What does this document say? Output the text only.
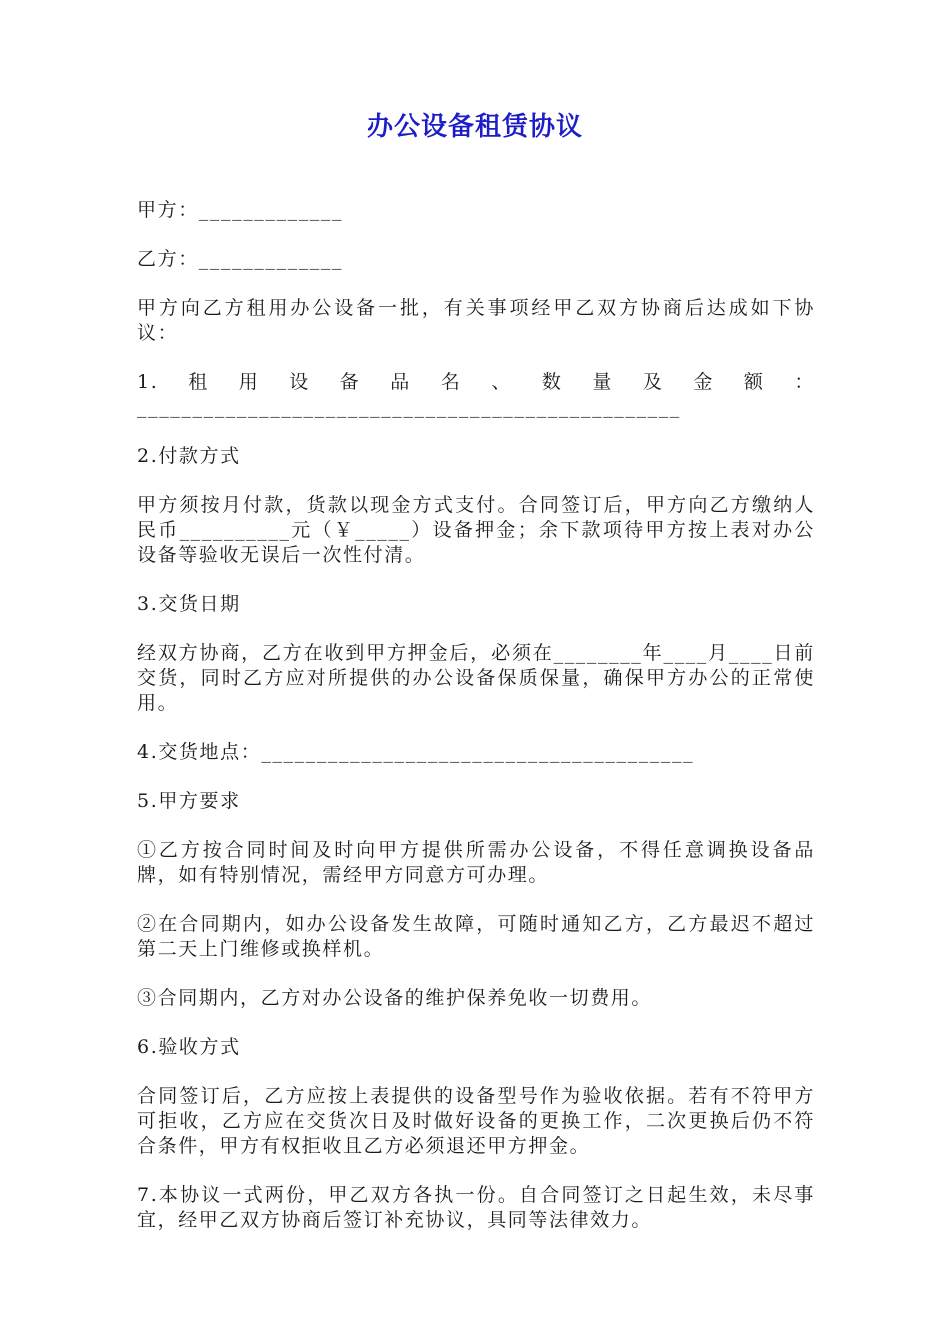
办公设备租赁协议

甲方：_____________

乙方：_____________

甲方向乙方租用办公设备一批，有关事项经甲乙双方协商后达成如下协议：

1.租用设备品名、数量及金额：_________________________________________________

2.付款方式

甲方须按月付款，货款以现金方式支付。合同签订后，甲方向乙方缴纳人民币__________元（￥_____）设备押金；余下款项待甲方按上表对办公设备等验收无误后一次性付清。

3.交货日期

经双方协商，乙方在收到甲方押金后，必须在________年____月____日前交货，同时乙方应对所提供的办公设备保质保量，确保甲方办公的正常使用。

4.交货地点：_______________________________________

5.甲方要求

①乙方按合同时间及时向甲方提供所需办公设备，不得任意调换设备品牌，如有特别情况，需经甲方同意方可办理。

②在合同期内，如办公设备发生故障，可随时通知乙方，乙方最迟不超过第二天上门维修或换样机。

③合同期内，乙方对办公设备的维护保养免收一切费用。

6.验收方式

合同签订后，乙方应按上表提供的设备型号作为验收依据。若有不符甲方可拒收，乙方应在交货次日及时做好设备的更换工作，二次更换后仍不符合条件，甲方有权拒收且乙方必须退还甲方押金。

7.本协议一式两份，甲乙双方各执一份。自合同签订之日起生效，未尽事宜，经甲乙双方协商后签订补充协议，具同等法律效力。
